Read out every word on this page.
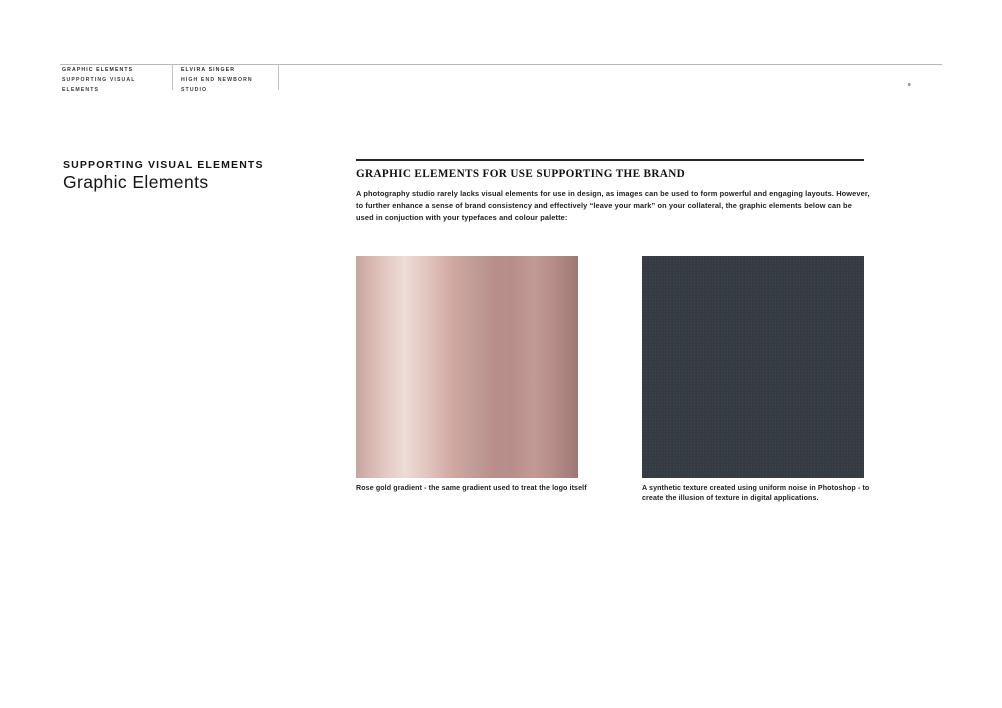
GRAPHIC ELEMENTS
SUPPORTING VISUAL ELEMENTS
ELVIRA SINGER
HIGH END NEWBORN STUDIO
6
SUPPORTING VISUAL ELEMENTS
Graphic Elements	GRAPHIC ELEMENTS FOR USE SUPPORTING THE BRAND
A photography studio rarely lacks visual elements for use in design, as images can be used to form powerful and engaging layouts. However, to further enhance a sense of brand consistency and effectively “leave your mark” on your collateral, the graphic elements below can be used in conjuction with your typefaces and colour palette:
Rose gold gradient - the same gradient used to treat the logo itself	A synthetic texture created using uniform noise in Photoshop - to create the illusion of texture in digital applications.
